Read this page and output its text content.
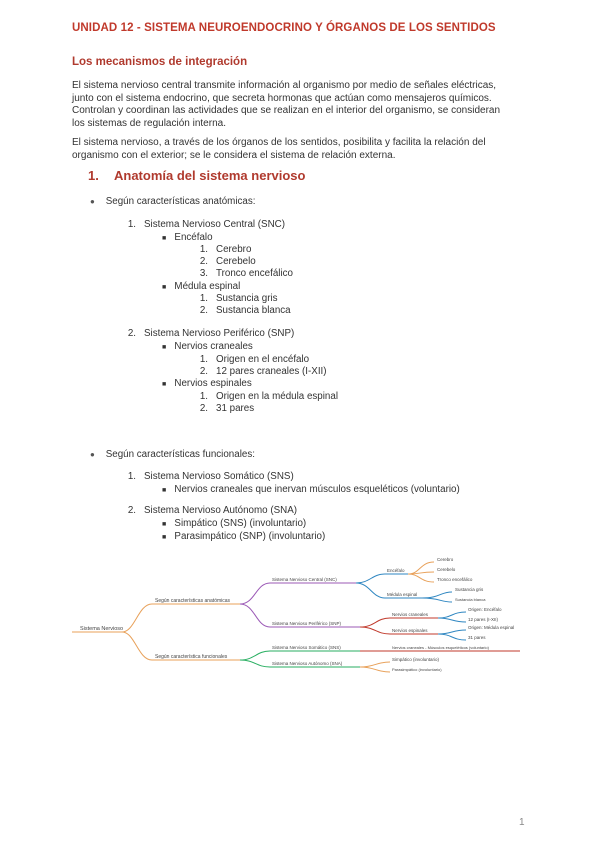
UNIDAD 12 - SISTEMA NEUROENDOCRINO Y ÓRGANOS DE LOS SENTIDOS
Los mecanismos de integración
El sistema nervioso central transmite información al organismo por medio de señales eléctricas,
junto con el sistema endocrino, que secreta hormonas que actúan como mensajeros químicos.
Controlan y coordinan las actividades que se realizan en el interior del organismo, se consideran
los sistemas de regulación interna.
El sistema nervioso, a través de los órganos de los sentidos, posibilita y facilita la relación del
organismo con el exterior; se le considera el sistema de relación externa.
1. Anatomía del sistema nervioso
● Según características anatómicas:
1. Sistema Nervioso Central (SNC)
■ Encéfalo
1. Cerebro
2. Cerebelo
3. Tronco encefálico
■ Médula espinal
1. Sustancia gris
2. Sustancia blanca
2. Sistema Nervioso Periférico (SNP)
■ Nervios craneales
1. Origen en el encéfalo
2. 12 pares craneales (I-XII)
■ Nervios espinales
1. Origen en la médula espinal
2. 31 pares
● Según características funcionales:
1. Sistema Nervioso Somático (SNS)
■ Nervios craneales que inervan músculos esqueléticos (voluntario)
2. Sistema Nervioso Autónomo (SNA)
■ Simpático (SNS) (involuntario)
■ Parasimpático (SNP) (involuntario)
Sistema Nervioso
Según características anatómicas
Según característica funcionales
Sistema Nervioso Central (SNC)
Sistema Nervioso Periférico (SNP)
Sistema Nervioso Somático (SNS)
Sistema Nervioso Autónomo (SNA)
Encéfalo
Médula espinal
Cerebro
Cerebelo
Tronco encefálico
Sustancia gris
Sustancia blanca
Nervios craneales
Nervios espinales
Origen: Encéfalo
12 pares (I-XII)
Origen: Médula espinal
31 pares
Nervios craneales - Músculos esqueléticos (voluntario)
Simpático (involuntario)
Parasimpático (involuntario)
1
